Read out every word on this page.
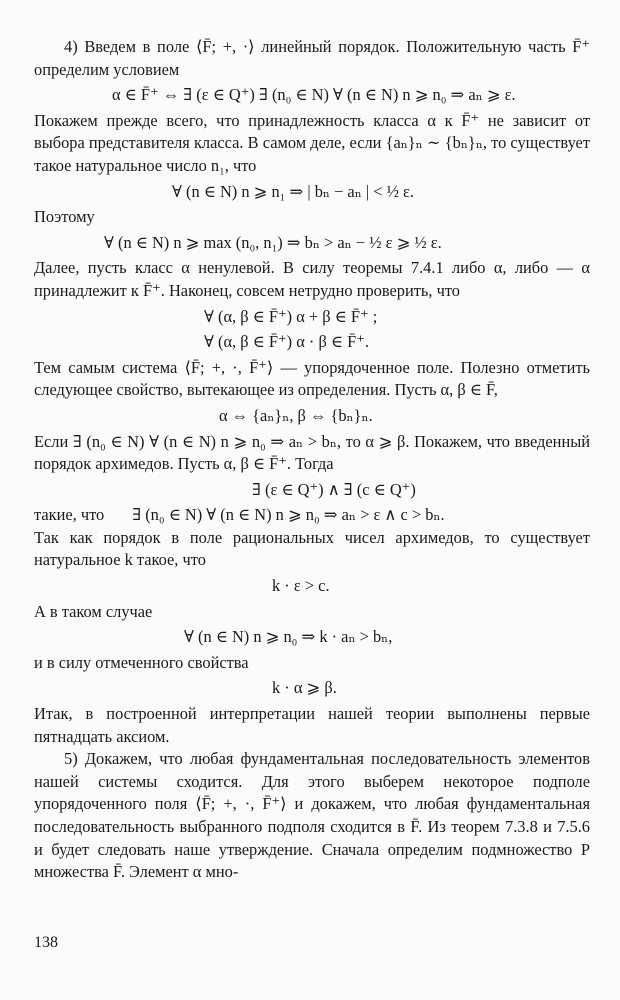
4) Введем в поле ⟨F̄; +, ·⟩ линейный порядок. Положительную часть F̄⁺ определим условием

α ∈ F̄⁺ ⇔ ∃ (ε ∈ Q⁺) ∃ (n₀ ∈ N) ∀ (n ∈ N) n ⩾ n₀ ⇒ aₙ ⩾ ε.

Покажем прежде всего, что принадлежность класса α к F̄⁺ не зависит от выбора представителя класса. В самом деле, если {aₙ}ₙ ∼ {bₙ}ₙ, то существует такое натуральное число n₁, что

∀ (n ∈ N) n ⩾ n₁ ⇒ | bₙ − aₙ | < ½ ε.

Поэтому

∀ (n ∈ N) n ⩾ max (n₀, n₁) ⇒ bₙ > aₙ − ½ ε ⩾ ½ ε.

Далее, пусть класс α ненулевой. В силу теоремы 7.4.1 либо α, либо — α принадлежит к F̄⁺. Наконец, совсем нетрудно проверить, что

∀ (α, β ∈ F̄⁺) α + β ∈ F̄⁺ ;
∀ (α, β ∈ F̄⁺) α · β ∈ F̄⁺.

Тем самым система ⟨F̄; +, ·, F̄⁺⟩ — упорядоченное поле. Полезно отметить следующее свойство, вытекающее из определения. Пусть α, β ∈ F̄,

α ⇔ {aₙ}ₙ, β ⇔ {bₙ}ₙ.

Если ∃ (n₀ ∈ N) ∀ (n ∈ N) n ⩾ n₀ ⇒ aₙ > bₙ, то α ⩾ β. Покажем, что введенный порядок архимедов. Пусть α, β ∈ F̄⁺. Тогда

∃ (ε ∈ Q⁺) ∧ ∃ (c ∈ Q⁺)
такие, что	∃ (n₀ ∈ N) ∀ (n ∈ N) n ⩾ n₀ ⇒ aₙ > ε ∧ c > bₙ.

Так как порядок в поле рациональных чисел архимедов, то существует натуральное k такое, что

k · ε > c.

А в таком случае

∀ (n ∈ N) n ⩾ n₀ ⇒ k · aₙ > bₙ,

и в силу отмеченного свойства

k · α ⩾ β.

Итак, в построенной интерпретации нашей теории выполнены первые пятнадцать аксиом.

5) Докажем, что любая фундаментальная последовательность элементов нашей системы сходится. Для этого выберем некоторое подполе упорядоченного поля ⟨F̄; +, ·, F̄⁺⟩ и докажем, что любая фундаментальная последовательность выбранного подполя сходится в F̄. Из теорем 7.3.8 и 7.5.6 и будет следовать наше утверждение. Сначала определим подмножество P множества F̄. Элемент α мно-

138
